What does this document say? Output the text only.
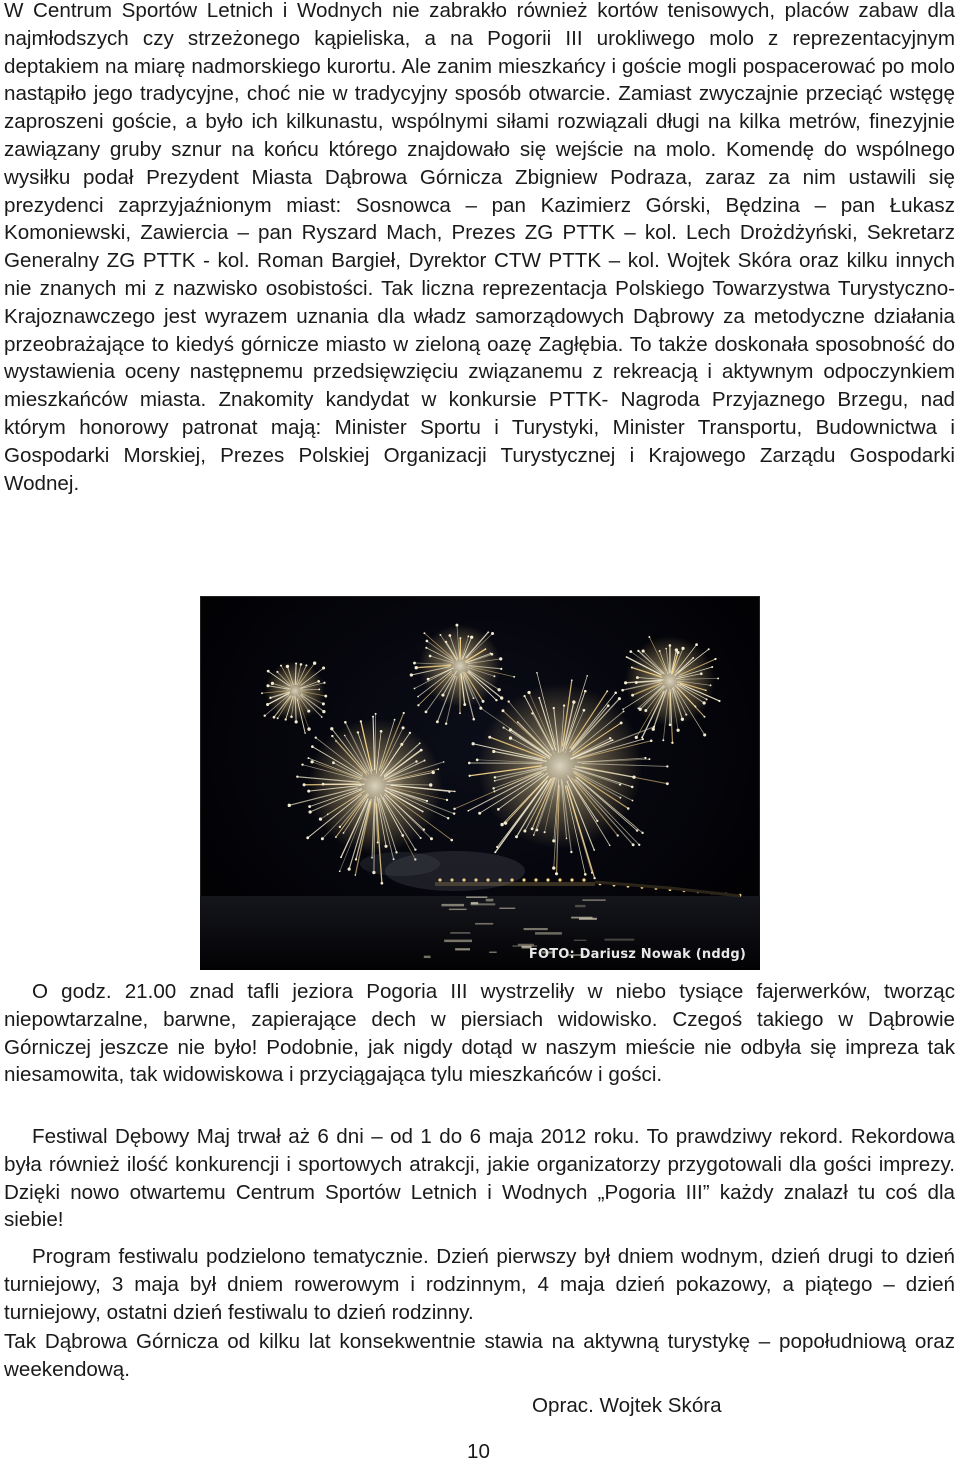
W Centrum Sportów Letnich i Wodnych nie zabrakło również kortów tenisowych, placów zabaw dla najmłodszych czy strzeżonego kąpieliska, a na Pogorii III urokliwego molo z reprezentacyjnym deptakiem na miarę nadmorskiego kurortu. Ale zanim mieszkańcy i goście mogli pospacerować po molo nastąpiło jego tradycyjne, choć nie w tradycyjny sposób otwarcie. Zamiast zwyczajnie przeciąć wstęgę zaproszeni goście, a było ich kilkunastu, wspólnymi siłami rozwiązali długi na kilka metrów, finezyjnie zawiązany gruby sznur na końcu którego znajdowało się wejście na molo. Komendę do wspólnego wysiłku podał Prezydent Miasta Dąbrowa Górnicza Zbigniew Podraza, zaraz za nim ustawili się prezydenci zaprzyjaźnionym miast: Sosnowca – pan Kazimierz Górski, Będzina – pan Łukasz Komoniewski, Zawiercia – pan Ryszard Mach, Prezes ZG PTTK – kol. Lech Drożdżyński, Sekretarz Generalny ZG PTTK - kol. Roman Bargieł, Dyrektor CTW PTTK – kol. Wojtek Skóra oraz kilku innych nie znanych mi z nazwisko osobistości. Tak liczna reprezentacja Polskiego Towarzystwa Turystyczno-Krajoznawczego jest wyrazem uznania dla władz samorządowych Dąbrowy za metodyczne działania przeobrażające to kiedyś górnicze miasto w zieloną oazę Zagłębia. To także doskonała sposobność do wystawienia oceny następnemu przedsięwzięciu związanemu z rekreacją i aktywnym odpoczynkiem mieszkańców miasta. Znakomity kandydat w konkursie PTTK- Nagroda Przyjaznego Brzegu, nad którym honorowy patronat mają: Minister Sportu i Turystyki, Minister Transportu, Budownictwa i Gospodarki Morskiej, Prezes Polskiej Organizacji Turystycznej i Krajowego Zarządu Gospodarki Wodnej.

FOTO: Dariusz Nowak (nddg)

O godz. 21.00 znad tafli jeziora Pogoria III wystrzeliły w niebo tysiące fajerwerków, tworząc niepowtarzalne, barwne, zapierające dech w piersiach widowisko. Czegoś takiego w Dąbrowie Górniczej jeszcze nie było! Podobnie, jak nigdy dotąd w naszym mieście nie odbyła się impreza tak niesamowita, tak widowiskowa i przyciągająca tylu mieszkańców i gości.

Festiwal Dębowy Maj trwał aż 6 dni – od 1 do 6 maja 2012 roku. To prawdziwy rekord. Rekordowa była również ilość konkurencji i sportowych atrakcji, jakie organizatorzy przygotowali dla gości imprezy. Dzięki nowo otwartemu Centrum Sportów Letnich i Wodnych „Pogoria III” każdy znalazł tu coś dla siebie!

Program festiwalu podzielono tematycznie. Dzień pierwszy był dniem wodnym, dzień drugi to dzień turniejowy, 3 maja był dniem rowerowym i rodzinnym, 4 maja dzień pokazowy, a piątego – dzień turniejowy, ostatni dzień festiwalu to dzień rodzinny.

Tak Dąbrowa Górnicza od kilku lat konsekwentnie stawia na aktywną turystykę – popołudniową oraz weekendową.

Oprac. Wojtek Skóra

10
